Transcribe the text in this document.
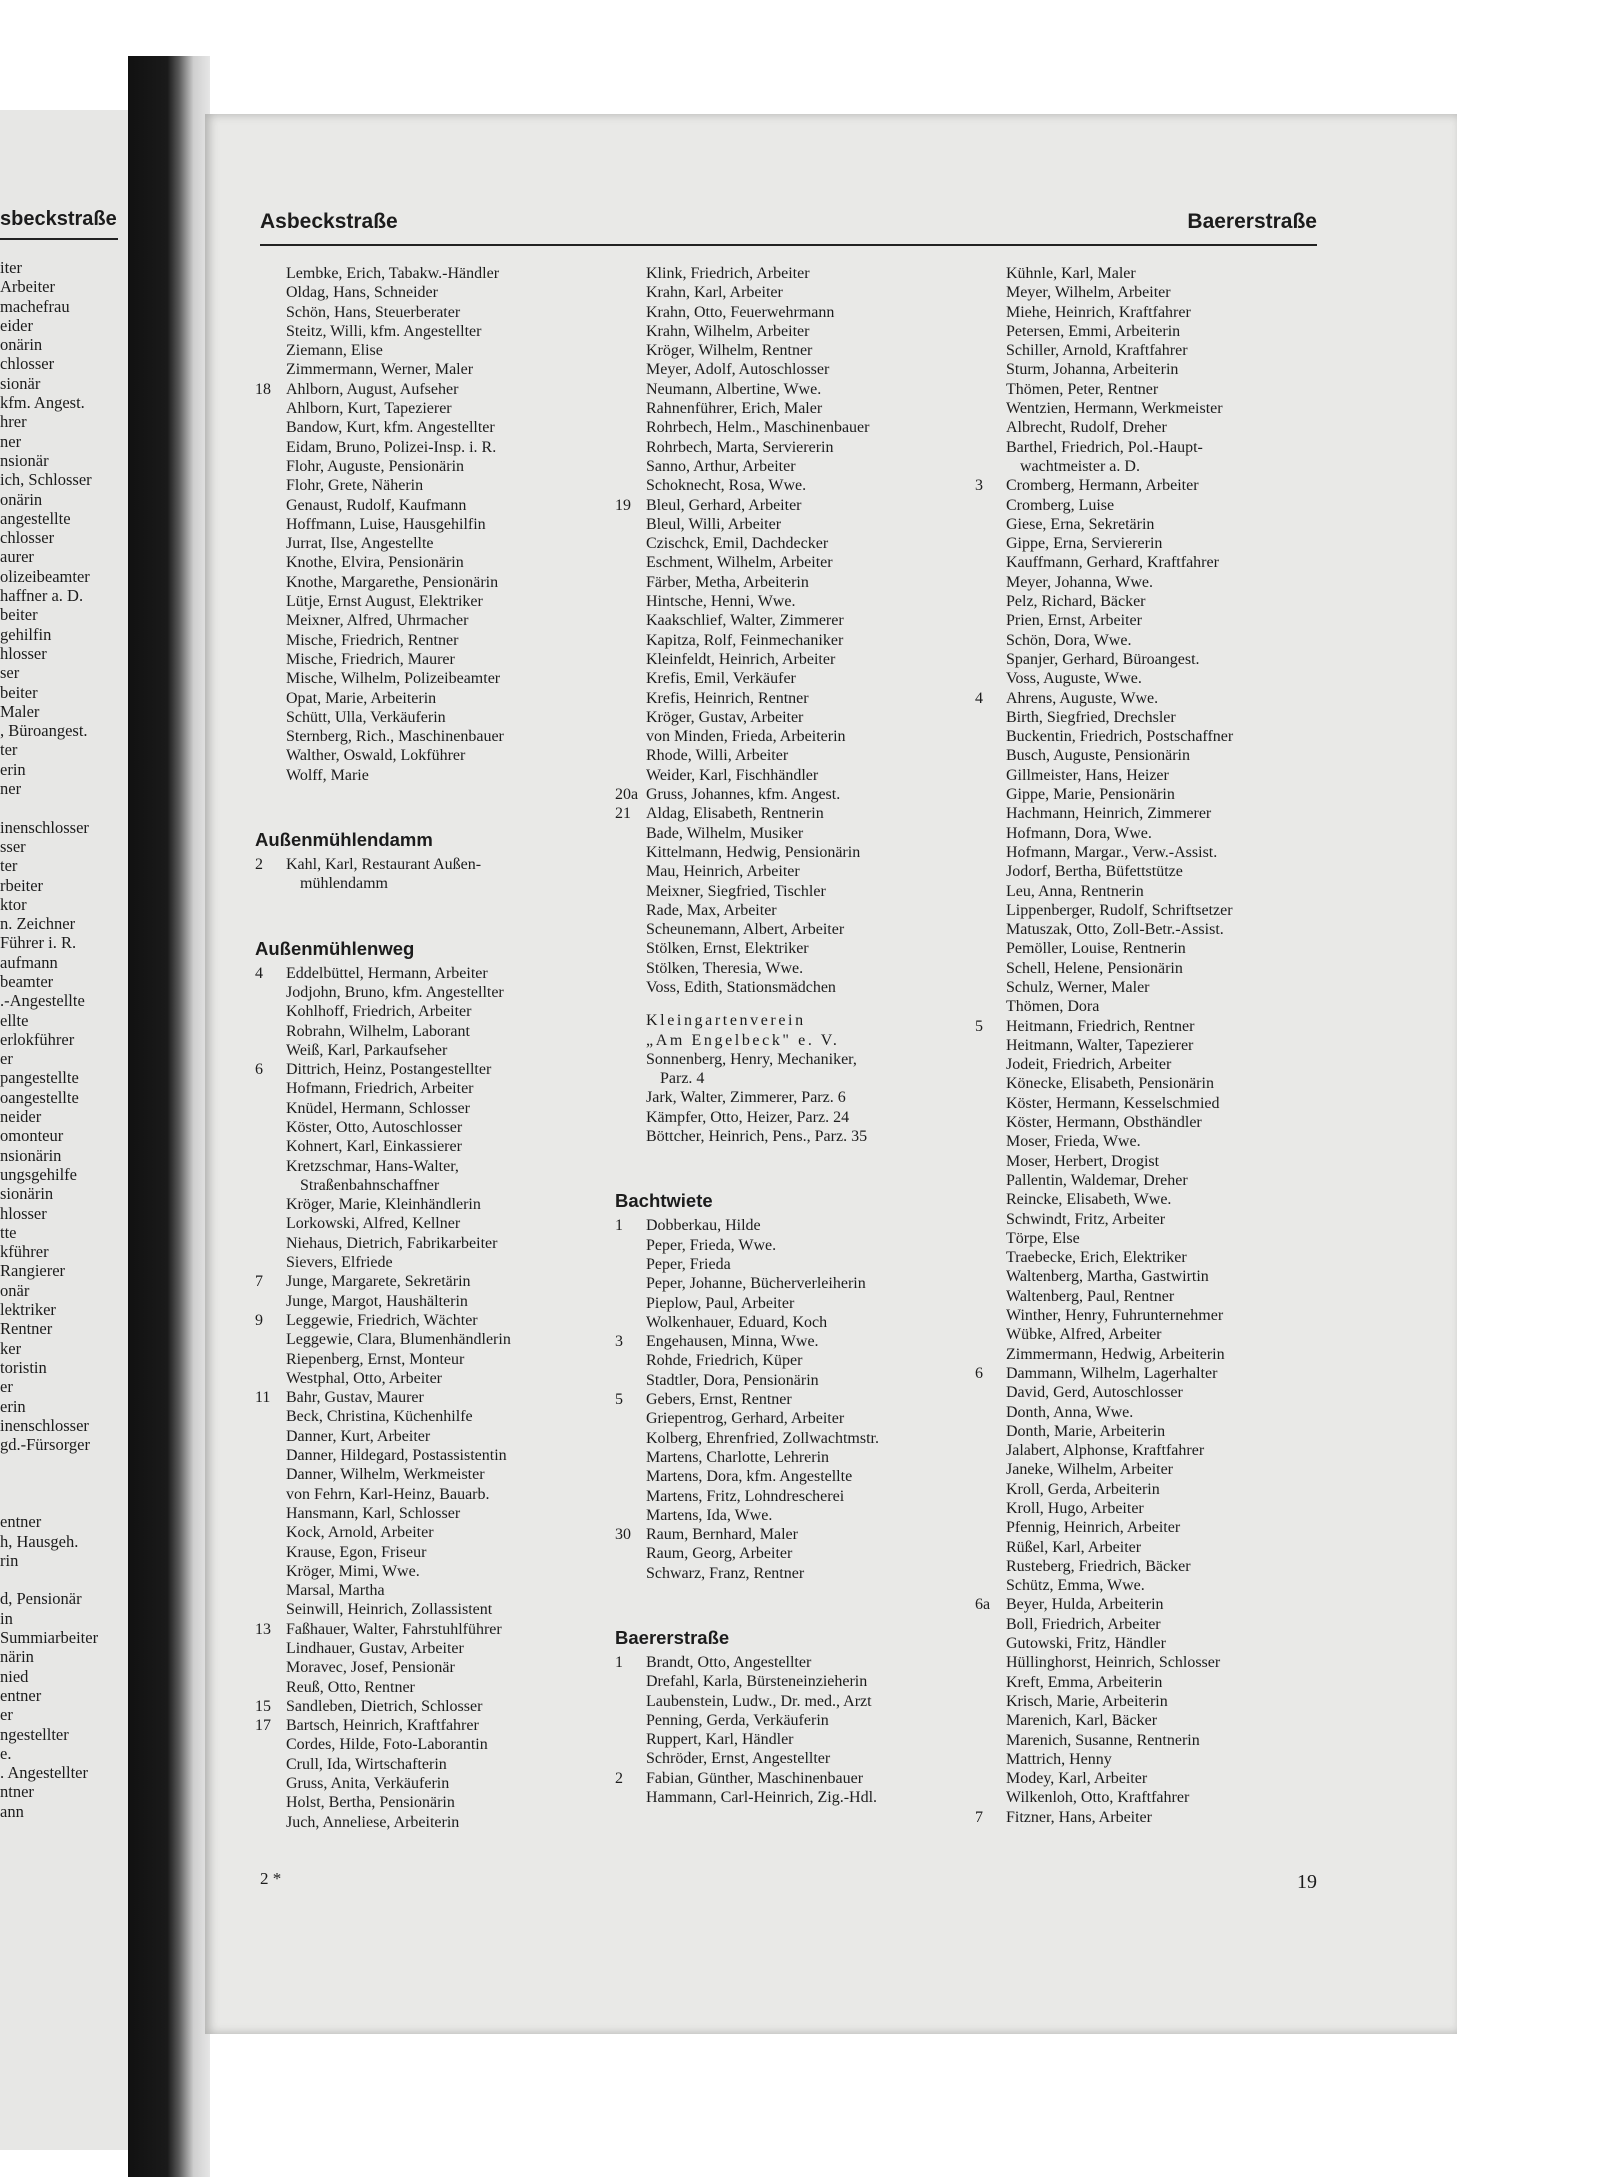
sbeckstraße
iter
Arbeiter
machefrau
eider
onärin
chlosser
sionär
kfm. Angest.
hrer
ner
nsionär
ich, Schlosser
onärin
angestellte
chlosser
aurer
olizeibeamter
haffner a. D.
beiter
gehilfin
hlosser
ser
beiter
Maler
, Büroangest.
ter
erin
ner
inenschlosser
sser
ter
rbeiter
ktor
n. Zeichner
Führer i. R.
aufmann
beamter
.-Angestellte
ellte
erlokführer
er
pangestellte
oangestellte
neider
omonteur
nsionärin
ungsgehilfe
sionärin
hlosser
tte
kführer
Rangierer
onär
lektriker
Rentner
ker
toristin
er
erin
inenschlosser
gd.-Fürsorger
entner
h, Hausgeh.
rin
d, Pensionär
in
Summiarbeiter
närin
nied
entner
er
ngestellter
e.
. Angestellter
ntner
ann
Asbeckstraße	Baererstraße
Lembke, Erich, Tabakw.-Händler
Oldag, Hans, Schneider
Schön, Hans, Steuerberater
Steitz, Willi, kfm. Angestellter
Ziemann, Elise
Zimmermann, Werner, Maler
18 Ahlborn, August, Aufseher
Ahlborn, Kurt, Tapezierer
Bandow, Kurt, kfm. Angestellter
Eidam, Bruno, Polizei-Insp. i. R.
Flohr, Auguste, Pensionärin
Flohr, Grete, Näherin
Genaust, Rudolf, Kaufmann
Hoffmann, Luise, Hausgehilfin
Jurrat, Ilse, Angestellte
Knothe, Elvira, Pensionärin
Knothe, Margarethe, Pensionärin
Lütje, Ernst August, Elektriker
Meixner, Alfred, Uhrmacher
Mische, Friedrich, Rentner
Mische, Friedrich, Maurer
Mische, Wilhelm, Polizeibeamter
Opat, Marie, Arbeiterin
Schütt, Ulla, Verkäuferin
Sternberg, Rich., Maschinenbauer
Walther, Oswald, Lokführer
Wolff, Marie
Außenmühlendamm
2	Kahl, Karl, Restaurant Außen-
mühlendamm
Außenmühlenweg
4	Eddelbüttel, Hermann, Arbeiter
Jodjohn, Bruno, kfm. Angestellter
Kohlhoff, Friedrich, Arbeiter
Robrahn, Wilhelm, Laborant
Weiß, Karl, Parkaufseher
6	Dittrich, Heinz, Postangestellter
Hofmann, Friedrich, Arbeiter
Knüdel, Hermann, Schlosser
Köster, Otto, Autoschlosser
Kohnert, Karl, Einkassierer
Kretzschmar, Hans-Walter,
Straßenbahnschaffner
Kröger, Marie, Kleinhändlerin
Lorkowski, Alfred, Kellner
Niehaus, Dietrich, Fabrikarbeiter
Sievers, Elfriede
7	Junge, Margarete, Sekretärin
Junge, Margot, Haushälterin
9	Leggewie, Friedrich, Wächter
Leggewie, Clara, Blumenhändlerin
Riepenberg, Ernst, Monteur
Westphal, Otto, Arbeiter
11 Bahr, Gustav, Maurer
Beck, Christina, Küchenhilfe
Danner, Kurt, Arbeiter
Danner, Hildegard, Postassistentin
Danner, Wilhelm, Werkmeister
von Fehrn, Karl-Heinz, Bauarb.
Hansmann, Karl, Schlosser
Kock, Arnold, Arbeiter
Krause, Egon, Friseur
Kröger, Mimi, Wwe.
Marsal, Martha
Seinwill, Heinrich, Zollassistent
13 Faßhauer, Walter, Fahrstuhlführer
Lindhauer, Gustav, Arbeiter
Moravec, Josef, Pensionär
Reuß, Otto, Rentner
15 Sandleben, Dietrich, Schlosser
17 Bartsch, Heinrich, Kraftfahrer
Cordes, Hilde, Foto-Laborantin
Crull, Ida, Wirtschafterin
Gruss, Anita, Verkäuferin
Holst, Bertha, Pensionärin
Juch, Anneliese, Arbeiterin
Klink, Friedrich, Arbeiter
Krahn, Karl, Arbeiter
Krahn, Otto, Feuerwehrmann
Krahn, Wilhelm, Arbeiter
Kröger, Wilhelm, Rentner
Meyer, Adolf, Autoschlosser
Neumann, Albertine, Wwe.
Rahnenführer, Erich, Maler
Rohrbech, Helm., Maschinenbauer
Rohrbech, Marta, Serviererin
Sanno, Arthur, Arbeiter
Schoknecht, Rosa, Wwe.
19 Bleul, Gerhard, Arbeiter
Bleul, Willi, Arbeiter
Czischck, Emil, Dachdecker
Eschment, Wilhelm, Arbeiter
Färber, Metha, Arbeiterin
Hintsche, Henni, Wwe.
Kaakschlief, Walter, Zimmerer
Kapitza, Rolf, Feinmechaniker
Kleinfeldt, Heinrich, Arbeiter
Krefis, Emil, Verkäufer
Krefis, Heinrich, Rentner
Kröger, Gustav, Arbeiter
von Minden, Frieda, Arbeiterin
Rhode, Willi, Arbeiter
Weider, Karl, Fischhändler
20a Gruss, Johannes, kfm. Angest.
21 Aldag, Elisabeth, Rentnerin
Bade, Wilhelm, Musiker
Kittelmann, Hedwig, Pensionärin
Mau, Heinrich, Arbeiter
Meixner, Siegfried, Tischler
Rade, Max, Arbeiter
Scheunemann, Albert, Arbeiter
Stölken, Ernst, Elektriker
Stölken, Theresia, Wwe.
Voss, Edith, Stationsmädchen
Kleingartenverein
„Am Engelbeck" e. V.
Sonnenberg, Henry, Mechaniker,
Parz. 4
Jark, Walter, Zimmerer, Parz. 6
Kämpfer, Otto, Heizer, Parz. 24
Böttcher, Heinrich, Pens., Parz. 35
Bachtwiete
1	Dobberkau, Hilde
Peper, Frieda, Wwe.
Peper, Frieda
Peper, Johanne, Bücherverleiherin
Pieplow, Paul, Arbeiter
Wolkenhauer, Eduard, Koch
3	Engehausen, Minna, Wwe.
Rohde, Friedrich, Küper
Stadtler, Dora, Pensionärin
5	Gebers, Ernst, Rentner
Griepentrog, Gerhard, Arbeiter
Kolberg, Ehrenfried, Zollwachtmstr.
Martens, Charlotte, Lehrerin
Martens, Dora, kfm. Angestellte
Martens, Fritz, Lohndrescherei
Martens, Ida, Wwe.
30 Raum, Bernhard, Maler
Raum, Georg, Arbeiter
Schwarz, Franz, Rentner
Baererstraße
1	Brandt, Otto, Angestellter
Drefahl, Karla, Bürsteneinzieherin
Laubenstein, Ludw., Dr. med., Arzt
Penning, Gerda, Verkäuferin
Ruppert, Karl, Händler
Schröder, Ernst, Angestellter
2	Fabian, Günther, Maschinenbauer
Hammann, Carl-Heinrich, Zig.-Hdl.
Kühnle, Karl, Maler
Meyer, Wilhelm, Arbeiter
Miehe, Heinrich, Kraftfahrer
Petersen, Emmi, Arbeiterin
Schiller, Arnold, Kraftfahrer
Sturm, Johanna, Arbeiterin
Thömen, Peter, Rentner
Wentzien, Hermann, Werkmeister
Albrecht, Rudolf, Dreher
Barthel, Friedrich, Pol.-Haupt-
wachtmeister a. D.
3	Cromberg, Hermann, Arbeiter
Cromberg, Luise
Giese, Erna, Sekretärin
Gippe, Erna, Serviererin
Kauffmann, Gerhard, Kraftfahrer
Meyer, Johanna, Wwe.
Pelz, Richard, Bäcker
Prien, Ernst, Arbeiter
Schön, Dora, Wwe.
Spanjer, Gerhard, Büroangest.
Voss, Auguste, Wwe.
4	Ahrens, Auguste, Wwe.
Birth, Siegfried, Drechsler
Buckentin, Friedrich, Postschaffner
Busch, Auguste, Pensionärin
Gillmeister, Hans, Heizer
Gippe, Marie, Pensionärin
Hachmann, Heinrich, Zimmerer
Hofmann, Dora, Wwe.
Hofmann, Margar., Verw.-Assist.
Jodorf, Bertha, Büfettstütze
Leu, Anna, Rentnerin
Lippenberger, Rudolf, Schriftsetzer
Matuszak, Otto, Zoll-Betr.-Assist.
Pemöller, Louise, Rentnerin
Schell, Helene, Pensionärin
Schulz, Werner, Maler
Thömen, Dora
5	Heitmann, Friedrich, Rentner
Heitmann, Walter, Tapezierer
Jodeit, Friedrich, Arbeiter
Könecke, Elisabeth, Pensionärin
Köster, Hermann, Kesselschmied
Köster, Hermann, Obsthändler
Moser, Frieda, Wwe.
Moser, Herbert, Drogist
Pallentin, Waldemar, Dreher
Reincke, Elisabeth, Wwe.
Schwindt, Fritz, Arbeiter
Törpe, Else
Traebecke, Erich, Elektriker
Waltenberg, Martha, Gastwirtin
Waltenberg, Paul, Rentner
Winther, Henry, Fuhrunternehmer
Wübke, Alfred, Arbeiter
Zimmermann, Hedwig, Arbeiterin
6	Dammann, Wilhelm, Lagerhalter
David, Gerd, Autoschlosser
Donth, Anna, Wwe.
Donth, Marie, Arbeiterin
Jalabert, Alphonse, Kraftfahrer
Janeke, Wilhelm, Arbeiter
Kroll, Gerda, Arbeiterin
Kroll, Hugo, Arbeiter
Pfennig, Heinrich, Arbeiter
Rüßel, Karl, Arbeiter
Rusteberg, Friedrich, Bäcker
Schütz, Emma, Wwe.
6a Beyer, Hulda, Arbeiterin
Boll, Friedrich, Arbeiter
Gutowski, Fritz, Händler
Hüllinghorst, Heinrich, Schlosser
Kreft, Emma, Arbeiterin
Krisch, Marie, Arbeiterin
Marenich, Karl, Bäcker
Marenich, Susanne, Rentnerin
Mattrich, Henny
Modey, Karl, Arbeiter
Wilkenloh, Otto, Kraftfahrer
7	Fitzner, Hans, Arbeiter
2 *	19
